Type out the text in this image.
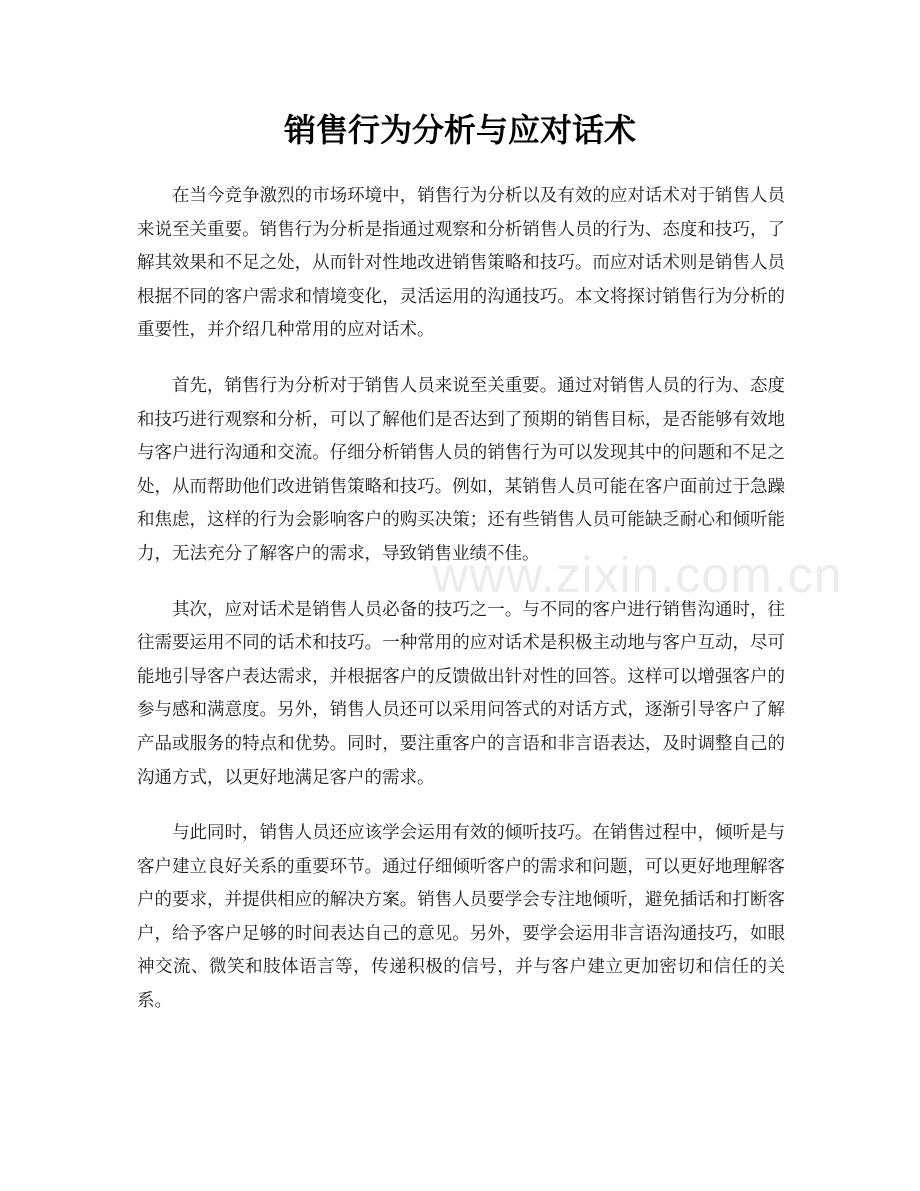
销售行为分析与应对话术

在当今竞争激烈的市场环境中，销售行为分析以及有效的应对话术对于销售人员来说至关重要。销售行为分析是指通过观察和分析销售人员的行为、态度和技巧，了解其效果和不足之处，从而针对性地改进销售策略和技巧。而应对话术则是销售人员根据不同的客户需求和情境变化，灵活运用的沟通技巧。本文将探讨销售行为分析的重要性，并介绍几种常用的应对话术。

首先，销售行为分析对于销售人员来说至关重要。通过对销售人员的行为、态度和技巧进行观察和分析，可以了解他们是否达到了预期的销售目标，是否能够有效地与客户进行沟通和交流。仔细分析销售人员的销售行为可以发现其中的问题和不足之处，从而帮助他们改进销售策略和技巧。例如，某销售人员可能在客户面前过于急躁和焦虑，这样的行为会影响客户的购买决策；还有些销售人员可能缺乏耐心和倾听能力，无法充分了解客户的需求，导致销售业绩不佳。

其次，应对话术是销售人员必备的技巧之一。与不同的客户进行销售沟通时，往往需要运用不同的话术和技巧。一种常用的应对话术是积极主动地与客户互动，尽可能地引导客户表达需求，并根据客户的反馈做出针对性的回答。这样可以增强客户的参与感和满意度。另外，销售人员还可以采用问答式的对话方式，逐渐引导客户了解产品或服务的特点和优势。同时，要注重客户的言语和非言语表达，及时调整自己的沟通方式，以更好地满足客户的需求。

与此同时，销售人员还应该学会运用有效的倾听技巧。在销售过程中，倾听是与客户建立良好关系的重要环节。通过仔细倾听客户的需求和问题，可以更好地理解客户的要求，并提供相应的解决方案。销售人员要学会专注地倾听，避免插话和打断客户，给予客户足够的时间表达自己的意见。另外，要学会运用非言语沟通技巧，如眼神交流、微笑和肢体语言等，传递积极的信号，并与客户建立更加密切和信任的关系。

www.zixin.com.cn
